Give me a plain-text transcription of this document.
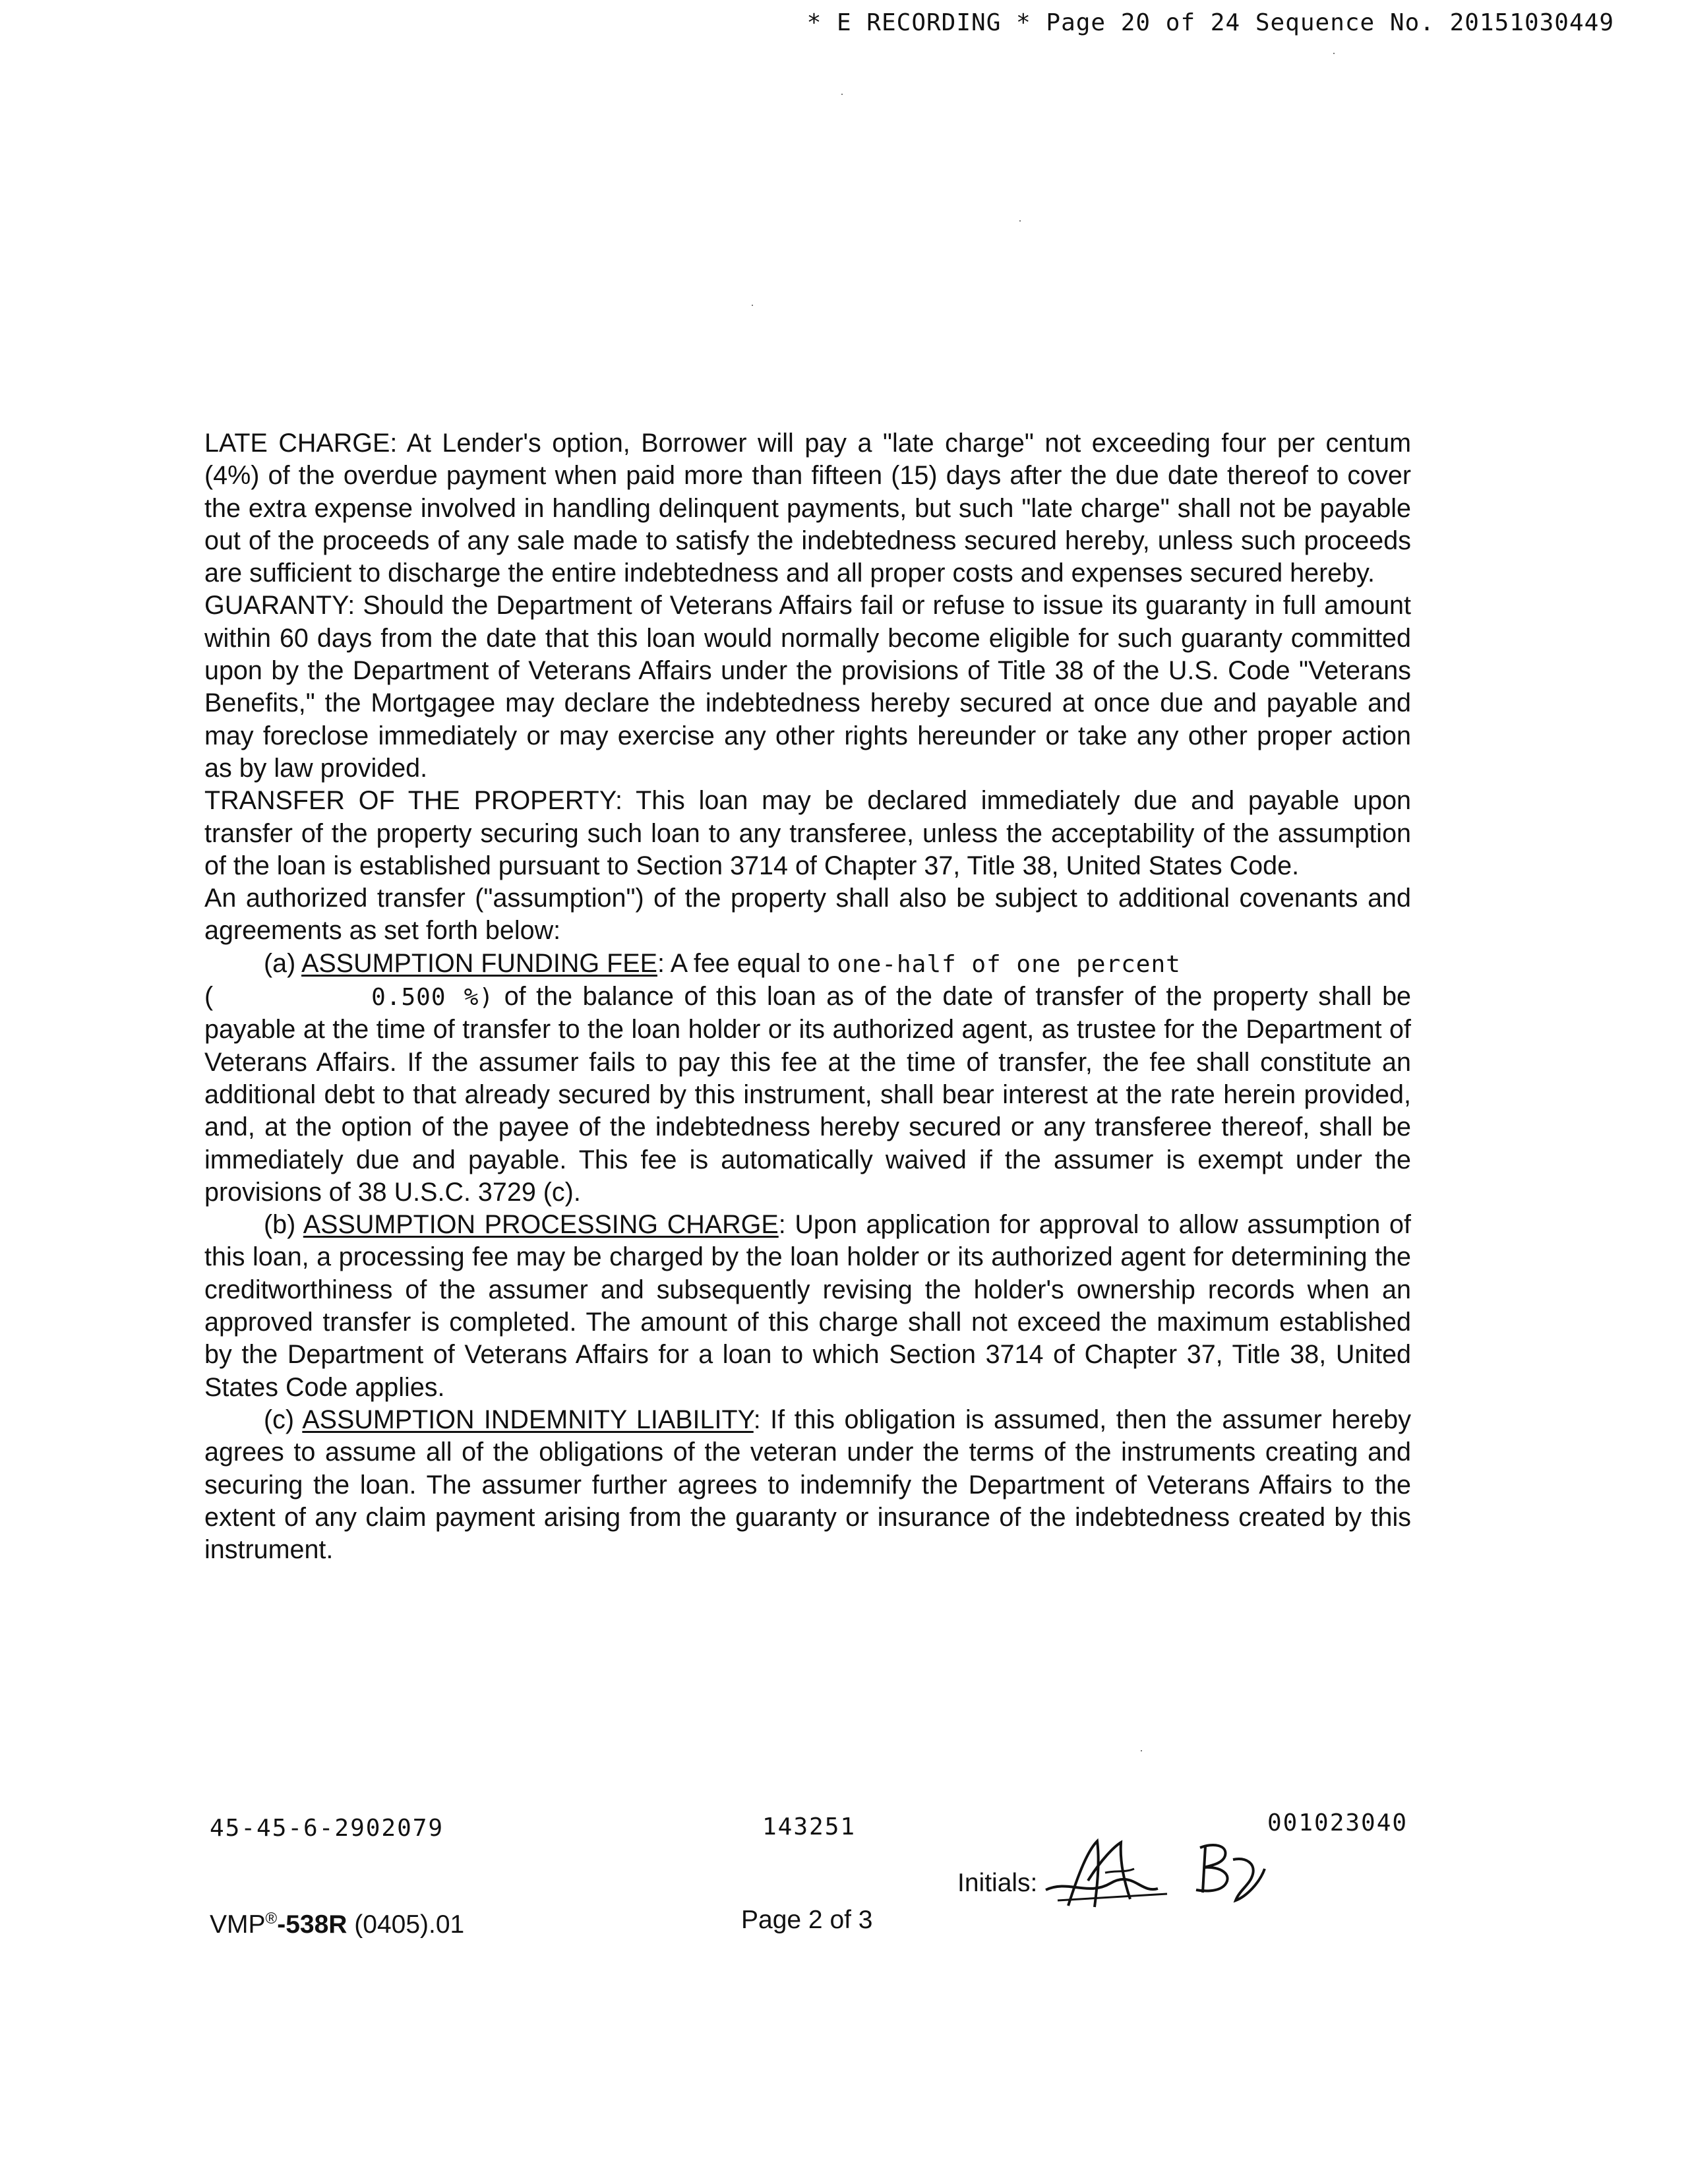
* E RECORDING * Page 20 of 24 Sequence No. 20151030449

LATE CHARGE: At Lender's option, Borrower will pay a "late charge" not exceeding four per centum (4%) of the overdue payment when paid more than fifteen (15) days after the due date thereof to cover the extra expense involved in handling delinquent payments, but such "late charge" shall not be payable out of the proceeds of any sale made to satisfy the indebtedness secured hereby, unless such proceeds are sufficient to discharge the entire indebtedness and all proper costs and expenses secured hereby.

GUARANTY: Should the Department of Veterans Affairs fail or refuse to issue its guaranty in full amount within 60 days from the date that this loan would normally become eligible for such guaranty committed upon by the Department of Veterans Affairs under the provisions of Title 38 of the U.S. Code "Veterans Benefits," the Mortgagee may declare the indebtedness hereby secured at once due and payable and may foreclose immediately or may exercise any other rights hereunder or take any other proper action as by law provided.

TRANSFER OF THE PROPERTY: This loan may be declared immediately due and payable upon transfer of the property securing such loan to any transferee, unless the acceptability of the assumption of the loan is established pursuant to Section 3714 of Chapter 37, Title 38, United States Code.

An authorized transfer ("assumption") of the property shall also be subject to additional covenants and agreements as set forth below:

(a) ASSUMPTION FUNDING FEE: A fee equal to one-half of one percent
(	0.500 %) of the balance of this loan as of the date of transfer of the property shall be payable at the time of transfer to the loan holder or its authorized agent, as trustee for the Department of Veterans Affairs. If the assumer fails to pay this fee at the time of transfer, the fee shall constitute an additional debt to that already secured by this instrument, shall bear interest at the rate herein provided, and, at the option of the payee of the indebtedness hereby secured or any transferee thereof, shall be immediately due and payable. This fee is automatically waived if the assumer is exempt under the provisions of 38 U.S.C. 3729 (c).

(b) ASSUMPTION PROCESSING CHARGE: Upon application for approval to allow assumption of this loan, a processing fee may be charged by the loan holder or its authorized agent for determining the creditworthiness of the assumer and subsequently revising the holder's ownership records when an approved transfer is completed. The amount of this charge shall not exceed the maximum established by the Department of Veterans Affairs for a loan to which Section 3714 of Chapter 37, Title 38, United States Code applies.

(c) ASSUMPTION INDEMNITY LIABILITY: If this obligation is assumed, then the assumer hereby agrees to assume all of the obligations of the veteran under the terms of the instruments creating and securing the loan. The assumer further agrees to indemnify the Department of Veterans Affairs to the extent of any claim payment arising from the guaranty or insurance of the indebtedness created by this instrument.

45-45-6-2902079	143251	001023040
Initials:
VMP®-538R (0405).01	Page 2 of 3
